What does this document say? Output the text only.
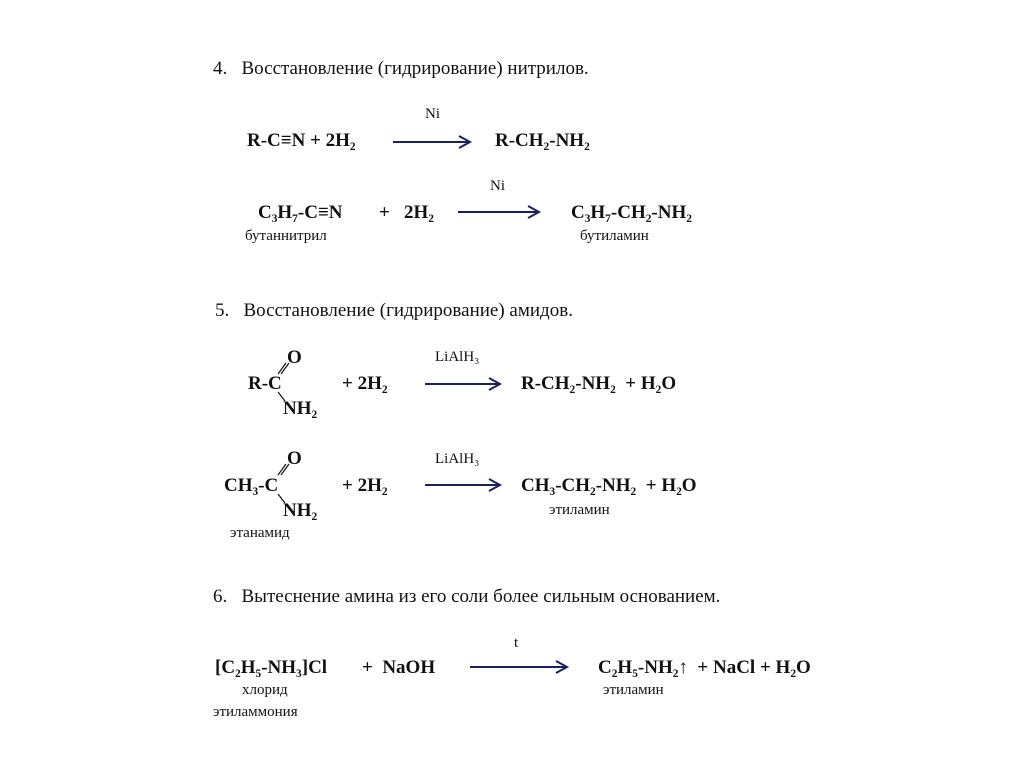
4.   Восстановление (гидрирование) нитрилов.
R-C≡N + 2H₂
Ni
R-CH₂-NH₂
C₃H₇-C≡N + 2H₂
Ni
C₃H₇-CH₂-NH₂
бутаннитрил	бутиламин
5.   Восстановление (гидрирование) амидов.
O
R-C
NH₂
+ 2H₂
LiAlH₃
R-CH₂-NH₂  + H₂O
O
CH₃-C
NH₂
+ 2H₂
LiAlH₃
CH₃-CH₂-NH₂  + H₂O
этиламин
этанамид
6.   Вытеснение амина из его соли более сильным основанием.
[C₂H₅-NH₃]Cl +  NaOH
t
C₂H₅-NH₂↑  + NaCl + H₂O
хлорид
этиламмония
этиламин
